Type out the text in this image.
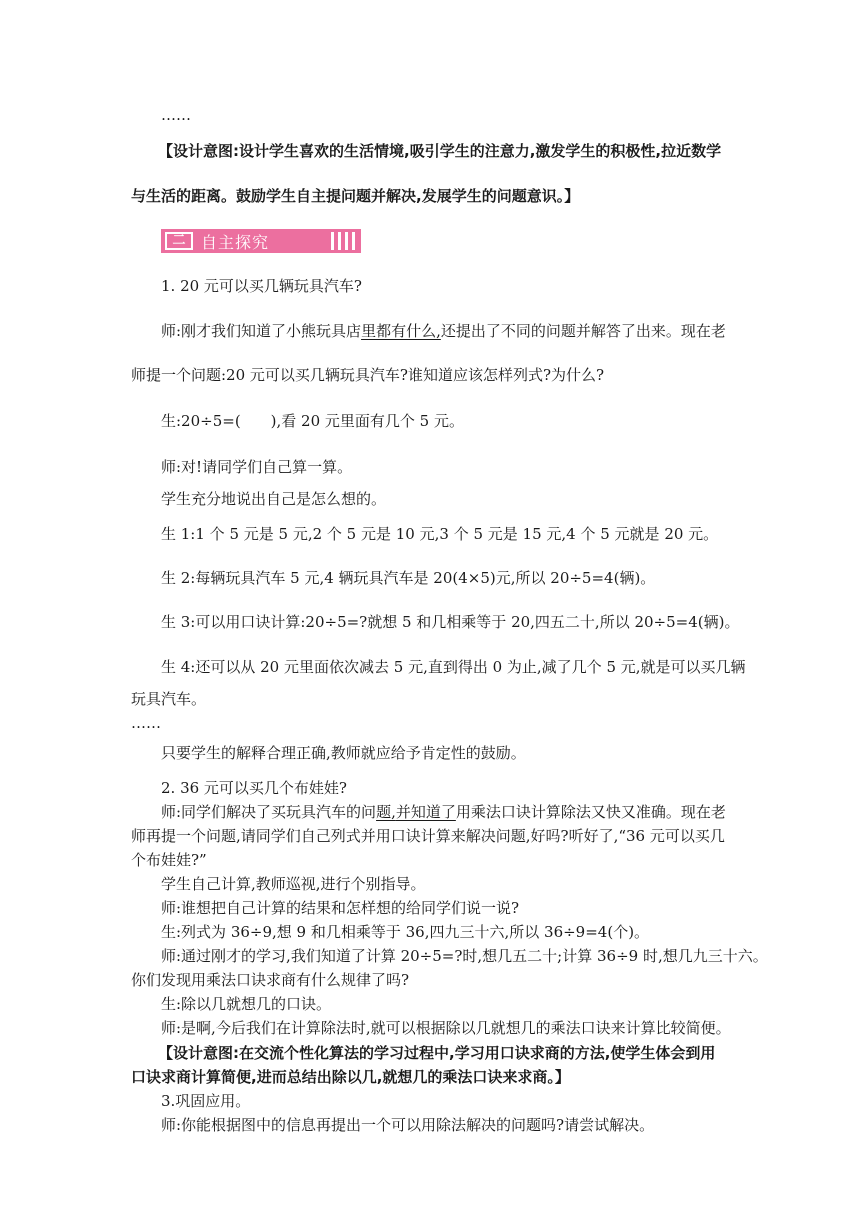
……
【设计意图:设计学生喜欢的生活情境,吸引学生的注意力,激发学生的积极性,拉近数学
与生活的距离。鼓励学生自主提问题并解决,发展学生的问题意识。】
二 自主探究
1. 20 元可以买几辆玩具汽车?
师:刚才我们知道了小熊玩具店里都有什么,还提出了不同的问题并解答了出来。现在老
师提一个问题:20 元可以买几辆玩具汽车?谁知道应该怎样列式?为什么?
生:20÷5=(　　),看 20 元里面有几个 5 元。
师:对!请同学们自己算一算。
学生充分地说出自己是怎么想的。
生 1:1 个 5 元是 5 元,2 个 5 元是 10 元,3 个 5 元是 15 元,4 个 5 元就是 20 元。
生 2:每辆玩具汽车 5 元,4 辆玩具汽车是 20(4×5)元,所以 20÷5=4(辆)。
生 3:可以用口诀计算:20÷5=?就想 5 和几相乘等于 20,四五二十,所以 20÷5=4(辆)。
生 4:还可以从 20 元里面依次减去 5 元,直到得出 0 为止,减了几个 5 元,就是可以买几辆
玩具汽车。
……
只要学生的解释合理正确,教师就应给予肯定性的鼓励。
2. 36 元可以买几个布娃娃?
师:同学们解决了买玩具汽车的问题,并知道了用乘法口诀计算除法又快又准确。现在老
师再提一个问题,请同学们自己列式并用口诀计算来解决问题,好吗?听好了,“36 元可以买几
个布娃娃?”
学生自己计算,教师巡视,进行个别指导。
师:谁想把自己计算的结果和怎样想的给同学们说一说?
生:列式为 36÷9,想 9 和几相乘等于 36,四九三十六,所以 36÷9=4(个)。
师:通过刚才的学习,我们知道了计算 20÷5=?时,想几五二十;计算 36÷9 时,想几九三十六。
你们发现用乘法口诀求商有什么规律了吗?
生:除以几就想几的口诀。
师:是啊,今后我们在计算除法时,就可以根据除以几就想几的乘法口诀来计算比较简便。
【设计意图:在交流个性化算法的学习过程中,学习用口诀求商的方法,使学生体会到用
口诀求商计算简便,进而总结出除以几,就想几的乘法口诀来求商。】
3.巩固应用。
师:你能根据图中的信息再提出一个可以用除法解决的问题吗?请尝试解决。
